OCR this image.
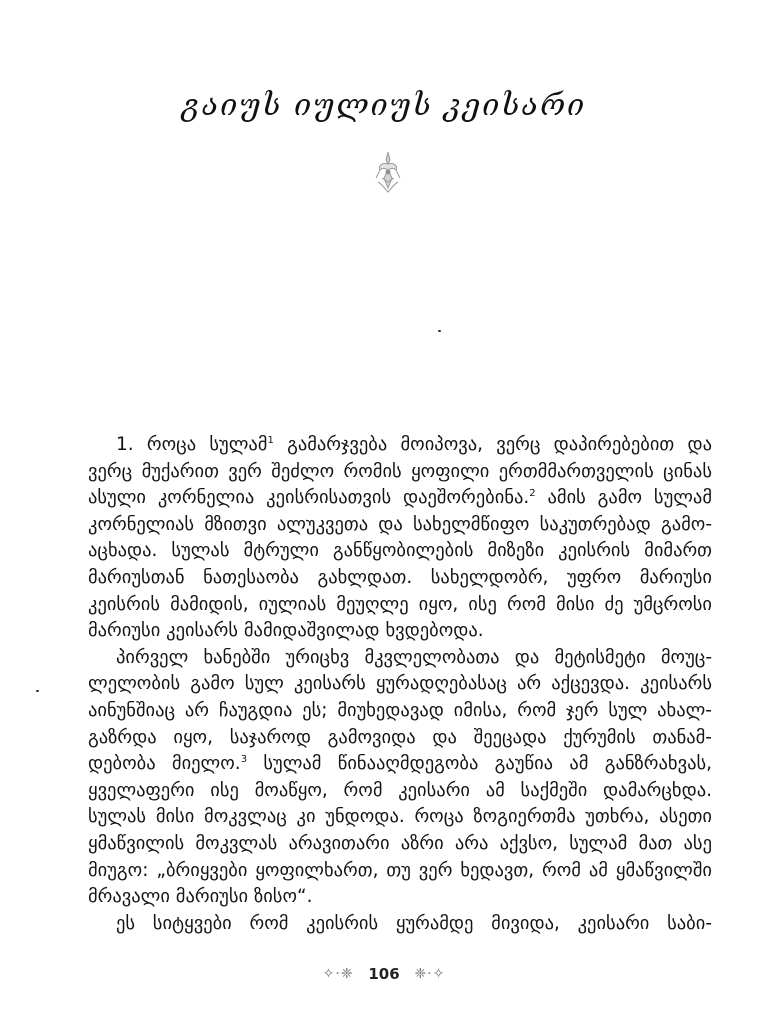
გაიუს იულიუს კეისარი
1. როცა სულამ$^1$ გამარჯვება მოიპოვა, ვერც დაპირებებით და
ვერც მუქარით ვერ შეძლო რომის ყოფილი ერთმმართველის ცინას
ასული კორნელია კეისრისათვის დაეშორებინა.$^2$ ამის გამო სულამ
კორნელიას მზითვი ალუკვეთა და სახელმწიფო საკუთრებად გამო-
აცხადა. სულას მტრული განწყობილების მიზეზი კეისრის მიმართ
მარიუსთან ნათესაობა გახლდათ. სახელდობრ, უფრო მარიუსი
კეისრის მამიდის, იულიას მეუღლე იყო, ისე რომ მისი ძე უმცროსი
მარიუსი კეისარს მამიდაშვილად ხვდებოდა.
პირველ ხანებში ურიცხვ მკვლელობათა და მეტისმეტი მოუც-
ლელობის გამო სულ კეისარს ყურადღებასაც არ აქცევდა. კეისარს
აინუნშიაც არ ჩაუგდია ეს; მიუხედავად იმისა, რომ ჯერ სულ ახალ-
გაზრდა იყო, საჯაროდ გამოვიდა და შეეცადა ქურუმის თანამ-
დებობა მიელო.$^3$ სულამ წინააღმდეგობა გაუწია ამ განზრახვას,
ყველაფერი ისე მოაწყო, რომ კეისარი ამ საქმეში დამარცხდა.
სულას მისი მოკვლაც კი უნდოდა. როცა ზოგიერთმა უთხრა, ასეთი
ყმაწვილის მოკვლას არავითარი აზრი არა აქვსო, სულამ მათ ასე
მიუგო: „ბრიყვები ყოფილხართ, თუ ვერ ხედავთ, რომ ამ ყმაწვილში
მრავალი მარიუსი ზისო“.
ეს სიტყვები რომ კეისრის ყურამდე მივიდა, კეისარი საბი-
✧·❈ 106 ❈·✧
